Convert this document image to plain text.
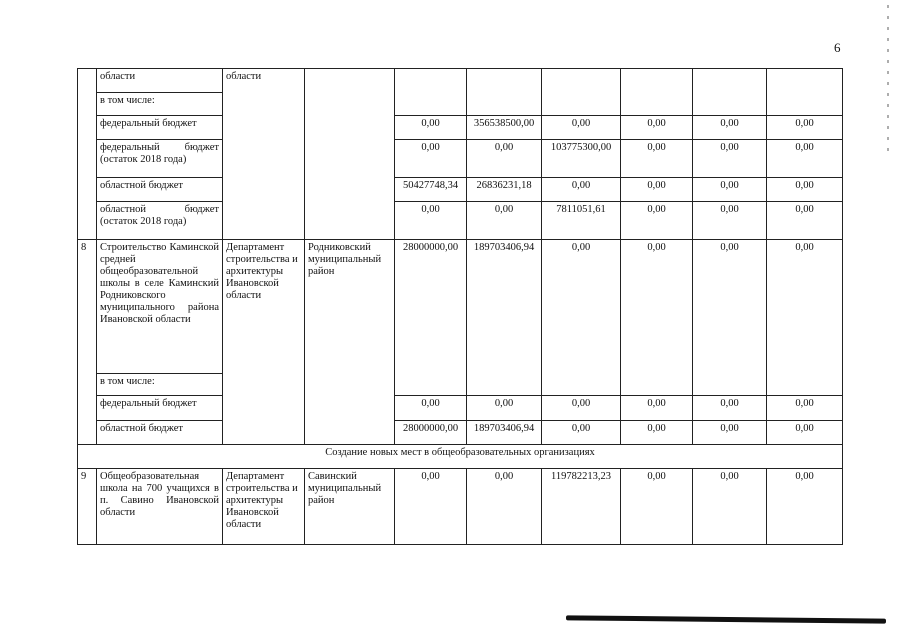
6
	области	области							
	в том числе:								
	федеральный бюджет			0,00	356538500,00	0,00	0,00	0,00	0,00
	федеральный бюджет (остаток 2018 года)			0,00	0,00	103775300,00	0,00	0,00	0,00
	областной бюджет			50427748,34	26836231,18	0,00	0,00	0,00	0,00
	областной бюджет (остаток 2018 года)			0,00	0,00	7811051,61	0,00	0,00	0,00
8	Строительство Каминской средней общеобразовательной школы в селе Каминский Родниковского муниципального района Ивановской области	Департамент строительства и архитектуры Ивановской области	Родниковский муниципальный район	28000000,00	189703406,94	0,00	0,00	0,00	0,00
	в том числе:								
	федеральный бюджет			0,00	0,00	0,00	0,00	0,00	0,00
	областной бюджет			28000000,00	189703406,94	0,00	0,00	0,00	0,00
Создание новых мест в общеобразовательных организациях									
9	Общеобразовательная школа на 700 учащихся в п. Савино Ивановской области	Департамент строительства и архитектуры Ивановской области	Савинский муниципальный район	0,00	0,00	119782213,23	0,00	0,00	0,00
